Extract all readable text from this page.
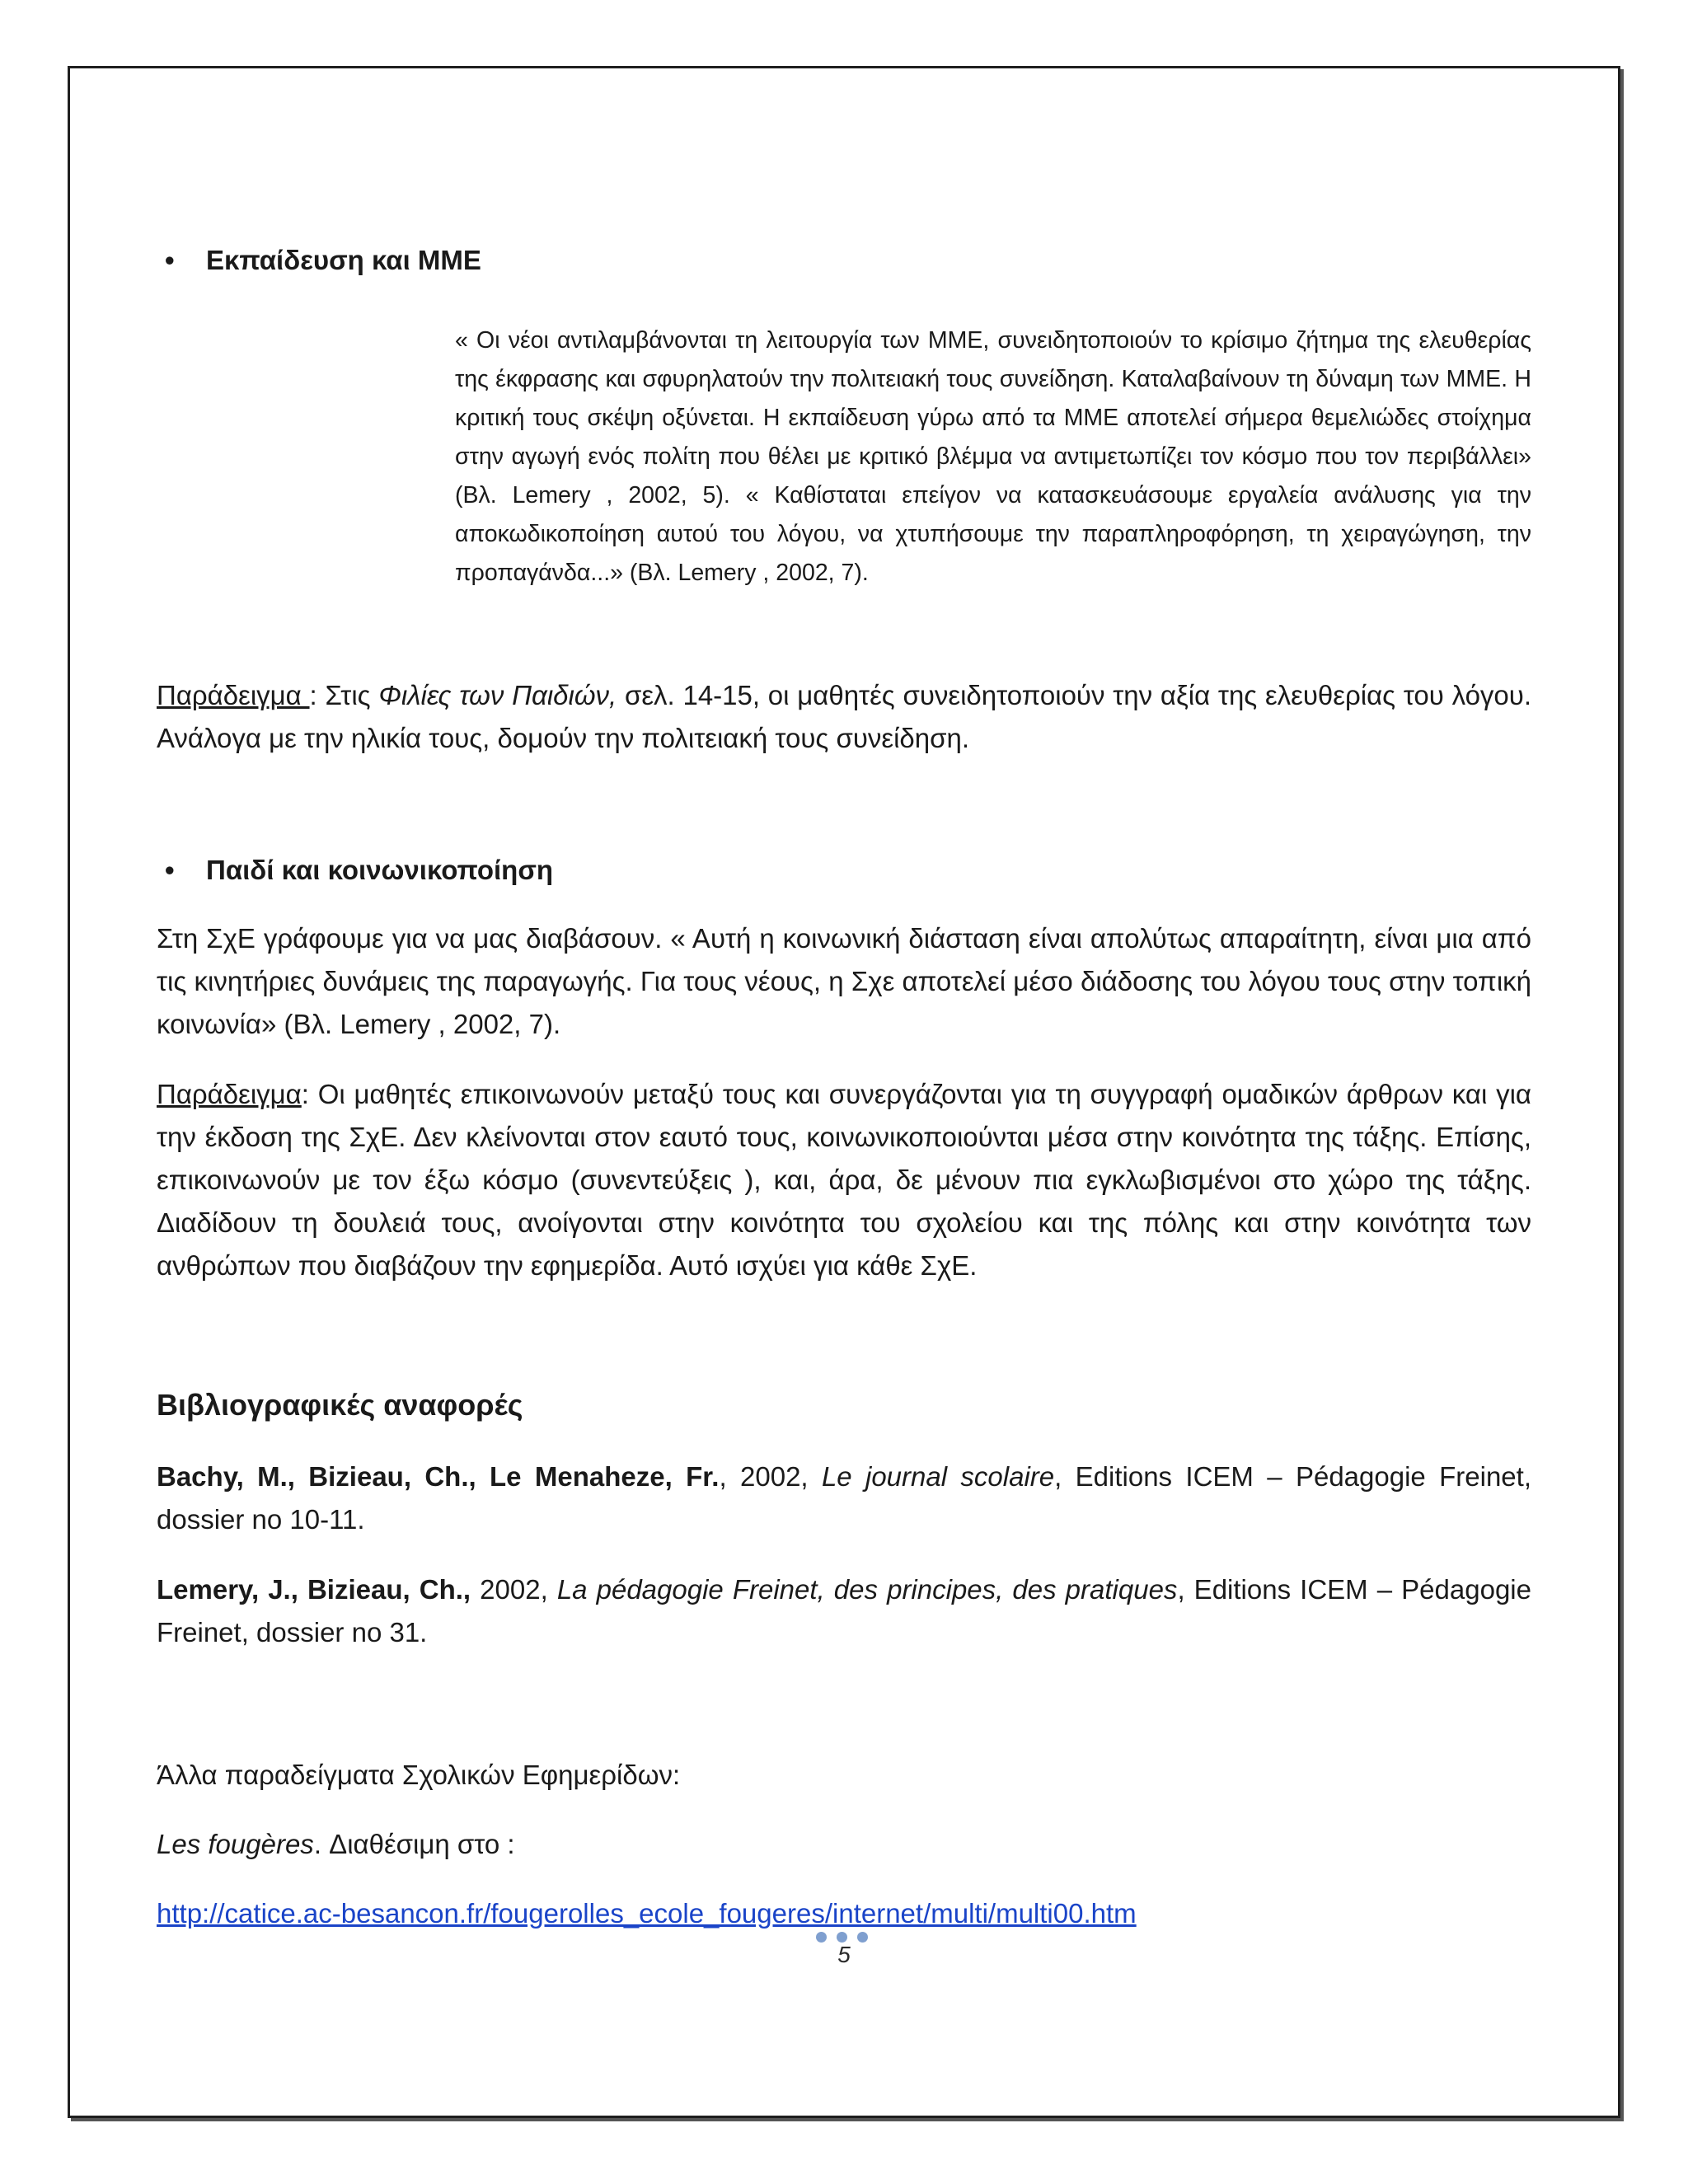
• Εκπαίδευση και ΜΜΕ

« Οι νέοι αντιλαμβάνονται τη λειτουργία των ΜΜΕ, συνειδητοποιούν το κρίσιμο ζήτημα της ελευθερίας της έκφρασης και σφυρηλατούν την πολιτειακή τους συνείδηση. Καταλαβαίνουν τη δύναμη των ΜΜΕ. Η κριτική τους σκέψη οξύνεται. Η εκπαίδευση γύρω από τα ΜΜΕ αποτελεί σήμερα θεμελιώδες στοίχημα στην αγωγή ενός πολίτη που θέλει με κριτικό βλέμμα να αντιμετωπίζει τον κόσμο που τον περιβάλλει» (Βλ. Lemery , 2002, 5). « Καθίσταται επείγον να κατασκευάσουμε εργαλεία ανάλυσης για την αποκωδικοποίηση αυτού του λόγου, να χτυπήσουμε την παραπληροφόρηση, τη χειραγώγηση, την προπαγάνδα...» (Βλ. Lemery , 2002, 7).

Παράδειγμα : Στις Φιλίες των Παιδιών, σελ. 14-15, οι μαθητές συνειδητοποιούν την αξία της ελευθερίας του λόγου. Ανάλογα με την ηλικία τους, δομούν την πολιτειακή τους συνείδηση.

• Παιδί και κοινωνικοποίηση

Στη ΣχΕ γράφουμε για να μας διαβάσουν. « Αυτή η κοινωνική διάσταση είναι απολύτως απαραίτητη, είναι μια από τις κινητήριες δυνάμεις της παραγωγής. Για τους νέους, η Σχε αποτελεί μέσο διάδοσης του λόγου τους στην τοπική κοινωνία» (Βλ. Lemery , 2002, 7).

Παράδειγμα: Οι μαθητές επικοινωνούν μεταξύ τους και συνεργάζονται για τη συγγραφή ομαδικών άρθρων και για την έκδοση της ΣχΕ. Δεν κλείνονται στον εαυτό τους, κοινωνικοποιούνται μέσα στην κοινότητα της τάξης. Επίσης, επικοινωνούν με τον έξω κόσμο (συνεντεύξεις ), και, άρα, δε μένουν πια εγκλωβισμένοι στο χώρο της τάξης. Διαδίδουν τη δουλειά τους, ανοίγονται στην κοινότητα του σχολείου και της πόλης και στην κοινότητα των ανθρώπων που διαβάζουν την εφημερίδα. Αυτό ισχύει για κάθε ΣχΕ.

Βιβλιογραφικές αναφορές

Bachy, M., Bizieau, Ch., Le Menaheze, Fr., 2002, Le journal scolaire, Editions ICEM – Pédagogie Freinet, dossier no 10-11.

Lemery, J., Bizieau, Ch., 2002, La pédagogie Freinet, des principes, des pratiques, Editions ICEM – Pédagogie Freinet, dossier no 31.

Άλλα παραδείγματα Σχολικών Εφημερίδων:

Les fougères. Διαθέσιμη στο :

http://catice.ac-besancon.fr/fougerolles_ecole_fougeres/internet/multi/multi00.htm

5
